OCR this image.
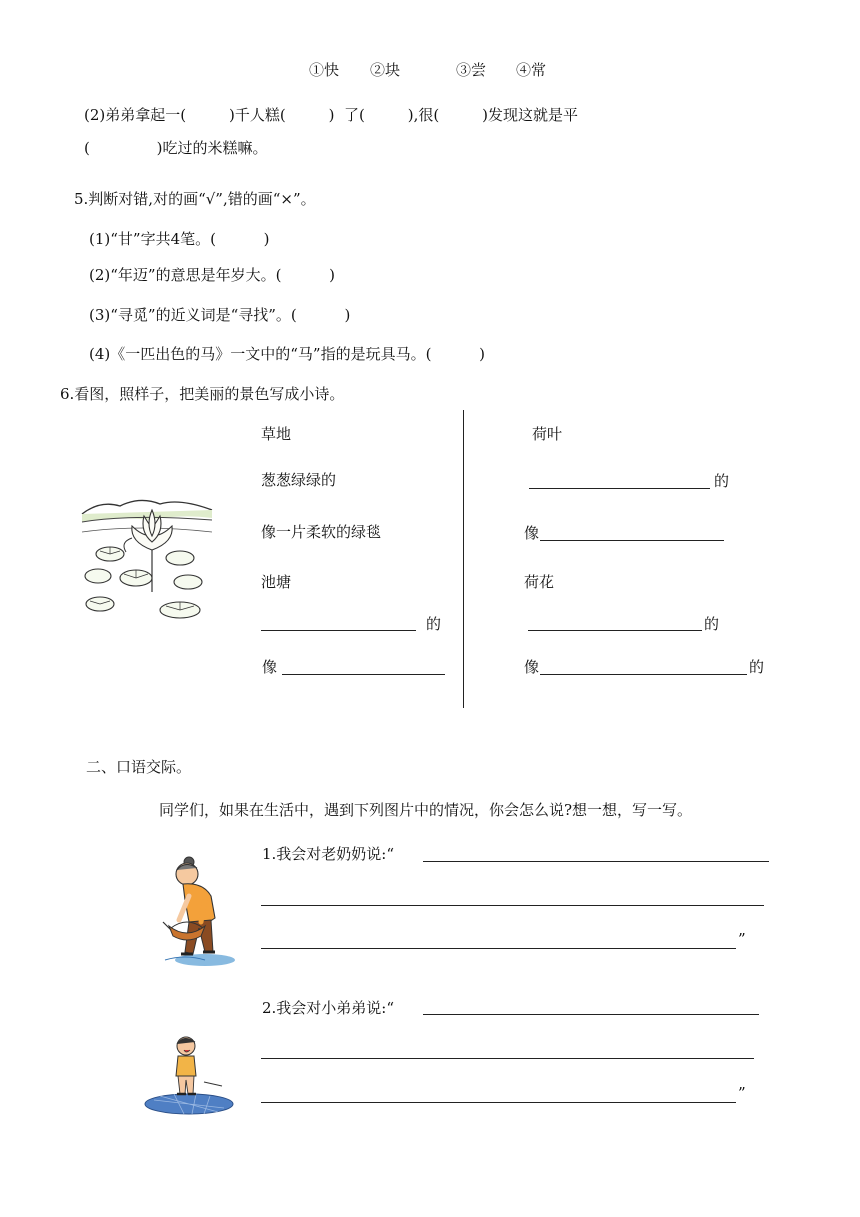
①快 ②块	③尝 ④常
(2)弟弟拿起一(         )千人糕(         )  了(         ),很(         )发现这就是平
(              )吃过的米糕嘛。
5.判断对错,对的画“√”,错的画“×”。
(1)“甘”字共4笔。(          )
(2)“年迈”的意思是年岁大。(          )
(3)“寻觅”的近义词是“寻找”。(          )
(4)《一匹出色的马》一文中的“马”指的是玩具马。(          )
6.看图，照样子，把美丽的景色写成小诗。
草地
葱葱绿绿的
像一片柔软的绿毯
池塘
的
像
荷叶
的
像
荷花
的
像	的
二、口语交际。
同学们，如果在生活中，遇到下列图片中的情况，你会怎么说?想一想，写一写。
1.我会对老奶奶说:“
”
2.我会对小弟弟说:“
”
